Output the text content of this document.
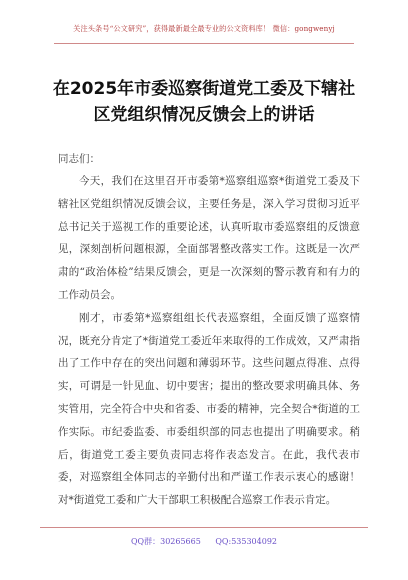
关注头条号“公文研究”，获得最新最全最专业的公文资料库！ 微信：gongwenyj
在2025年市委巡察街道党工委及下辖社
区党组织情况反馈会上的讲话

同志们：

今天，我们在这里召开市委第*巡察组巡察*街道党工委及下辖社区党组织情况反馈会议，主要任务是，深入学习贯彻习近平总书记关于巡视工作的重要论述，认真听取市委巡察组的反馈意见，深刻剖析问题根源，全面部署整改落实工作。这既是一次严肃的“政治体检”结果反馈会，更是一次深刻的警示教育和有力的工作动员会。

刚才，市委第*巡察组组长代表巡察组，全面反馈了巡察情况，既充分肯定了*街道党工委近年来取得的工作成效，又严肃指出了工作中存在的突出问题和薄弱环节。这些问题点得准、点得实，可谓是一针见血、切中要害；提出的整改要求明确具体、务实管用，完全符合中央和省委、市委的精神，完全契合*街道的工作实际。市纪委监委、市委组织部的同志也提出了明确要求。稍后，街道党工委主要负责同志将作表态发言。在此，我代表市委，对巡察组全体同志的辛勤付出和严谨工作表示衷心的感谢！对*街道党工委和广大干部职工积极配合巡察工作表示肯定。

QQ群：30265665 QQ:535304092
